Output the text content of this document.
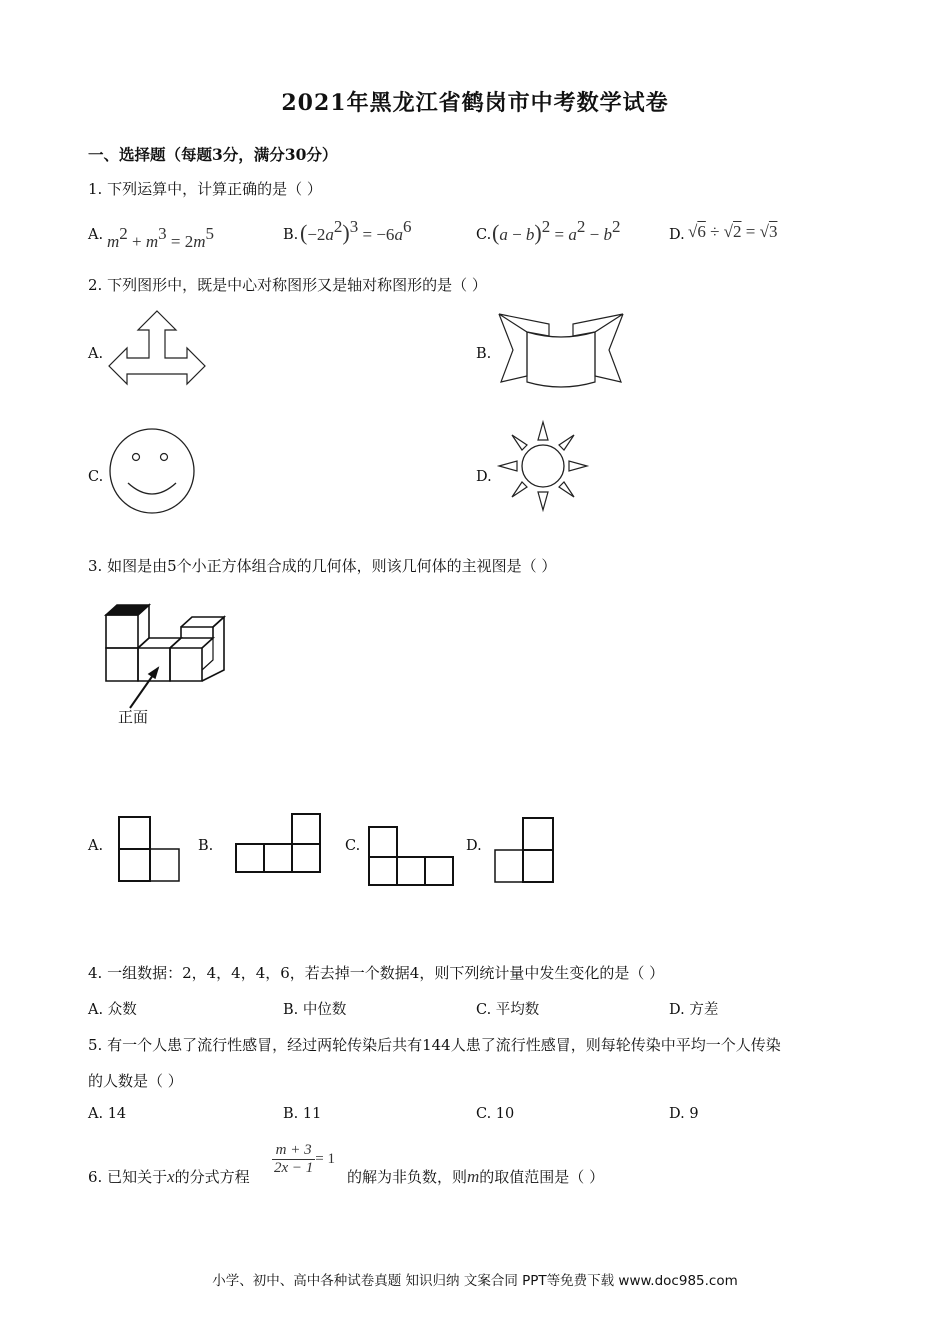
2021年黑龙江省鹤岗市中考数学试卷
一、选择题（每题3分，满分30分）
1. 下列运算中，计算正确的是（ ）
A. $m^2 + m^3 = 2m^5$	B. $(-2a^2)^3 = -6a^6$	C. $(a - b)^2 = a^2 - b^2$	D. √6 ÷ √2 = √3
2. 下列图形中，既是中心对称图形又是轴对称图形的是（ ）
A.	B.
C.	D.
3. 如图是由5个小正方体组合成的几何体，则该几何体的主视图是（ ）
正面
A.	B.	C.	D.
4. 一组数据：2，4，4，4，6，若去掉一个数据4，则下列统计量中发生变化的是（ ）
A. 众数	B. 中位数	C. 平均数	D. 方差
5. 有一个人患了流行性感冒，经过两轮传染后共有144人患了流行性感冒，则每轮传染中平均一个人传染
的人数是（ ）
A. 14	B. 11	C. 10	D. 9
6. 已知关于x的分式方程 $\frac{m + 3}{2x - 1} = 1$
的解为非负数，则m的取值范围是（ ）
小学、初中、高中各种试卷真题 知识归纳 文案合同 PPT等免费下载 www.doc985.com
